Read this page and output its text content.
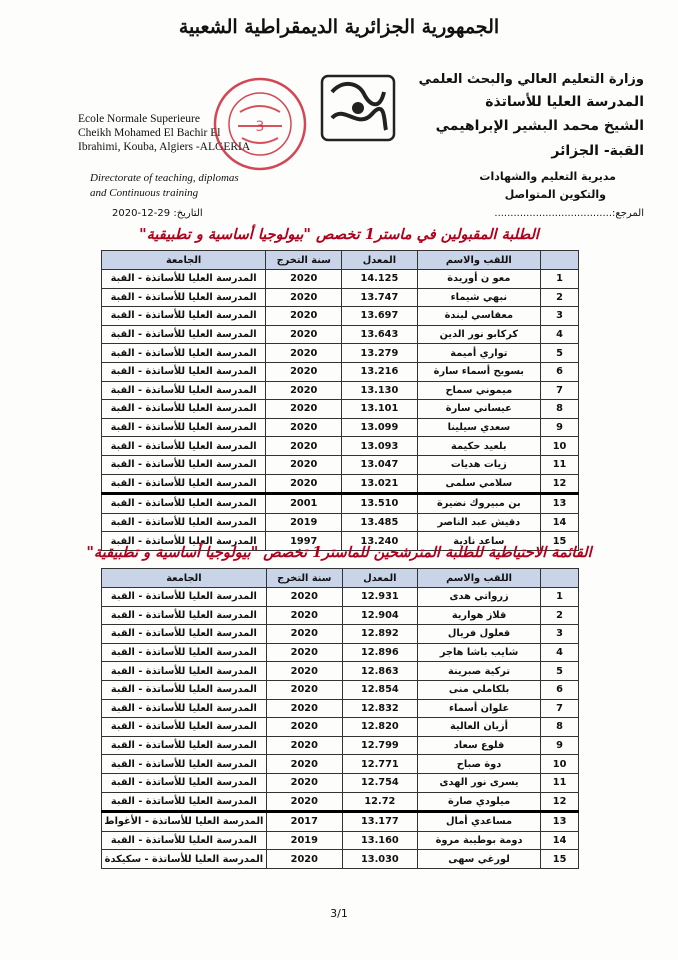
الجمهورية الجزائرية الديمقراطية الشعبية
وزارة التعليم العالي والبحث العلمي
المدرسة العليا للأساتذة
الشيخ محمد البشير الإبراهيمي
القبة- الجزائر
مديرية التعليم والشهادات
والتكوين المتواصل
Ecole Normale Superieure
Cheikh Mohamed El Bachir El
Ibrahimi, Kouba, Algiers -ALGERIA
Directorate of teaching, diplomas
and Continuous training
3
المرجع:.....................................
التاريخ: 29-12-2020
الطلبة المقبولين في ماستر1 تخصص "بيولوجيا أساسية و تطبيقية"
	اللقب والاسم	المعدل	سنة التخرج	الجامعة
1	معو ن أوريدة	14.125	2020	المدرسة العليا للأساتذة - القبة
2	نبهي شيماء	13.747	2020	المدرسة العليا للأساتذة - القبة
3	معقاسي لبندة	13.697	2020	المدرسة العليا للأساتذة - القبة
4	كركابو نور الدين	13.643	2020	المدرسة العليا للأساتذة - القبة
5	تواري أميمة	13.279	2020	المدرسة العليا للأساتذة - القبة
6	بسويح أسماء سارة	13.216	2020	المدرسة العليا للأساتذة - القبة
7	ميموني سماح	13.130	2020	المدرسة العليا للأساتذة - القبة
8	عيساني سارة	13.101	2020	المدرسة العليا للأساتذة - القبة
9	سعدي سيلينا	13.099	2020	المدرسة العليا للأساتذة - القبة
10	بلعيد حكيمة	13.093	2020	المدرسة العليا للأساتذة - القبة
11	زيات هديات	13.047	2020	المدرسة العليا للأساتذة - القبة
12	سلامي سلمى	13.021	2020	المدرسة العليا للأساتذة - القبة
13	بن مبيروك نضيرة	13.510	2001	المدرسة العليا للأساتذة - القبة
14	دقيش عبد الناصر	13.485	2019	المدرسة العليا للأساتذة - القبة
15	ساعد نادية	13.240	1997	المدرسة العليا للأساتذة - القبة
القائمة الاحتياطية للطلبة المترشحين للماستر1 تخصص "بيولوجيا أساسية و تطبيقية"
	اللقب والاسم	المعدل	سنة التخرج	الجامعة
1	زرواتي هدى	12.931	2020	المدرسة العليا للأساتذة - القبة
2	قلاز هوارية	12.904	2020	المدرسة العليا للأساتذة - القبة
3	قعلول فريال	12.892	2020	المدرسة العليا للأساتذة - القبة
4	شايب باشا هاجر	12.896	2020	المدرسة العليا للأساتذة - القبة
5	تركية صبرينة	12.863	2020	المدرسة العليا للأساتذة - القبة
6	بلكاملي منى	12.854	2020	المدرسة العليا للأساتذة - القبة
7	علوان أسماء	12.832	2020	المدرسة العليا للأساتذة - القبة
8	أزيان العالية	12.820	2020	المدرسة العليا للأساتذة - القبة
9	قلوع سعاد	12.799	2020	المدرسة العليا للأساتذة - القبة
10	دوة صباح	12.771	2020	المدرسة العليا للأساتذة - القبة
11	يسرى نور الهدى	12.754	2020	المدرسة العليا للأساتذة - القبة
12	ميلودي صارة	12.72	2020	المدرسة العليا للأساتذة - القبة
13	مساعدي أمال	13.177	2017	المدرسة العليا للأساتذة - الأغواط
14	دومة بوطيبة مروة	13.160	2019	المدرسة العليا للأساتذة - القبة
15	لورغي سهى	13.030	2020	المدرسة العليا للأساتذة - سكيكدة
3/1
